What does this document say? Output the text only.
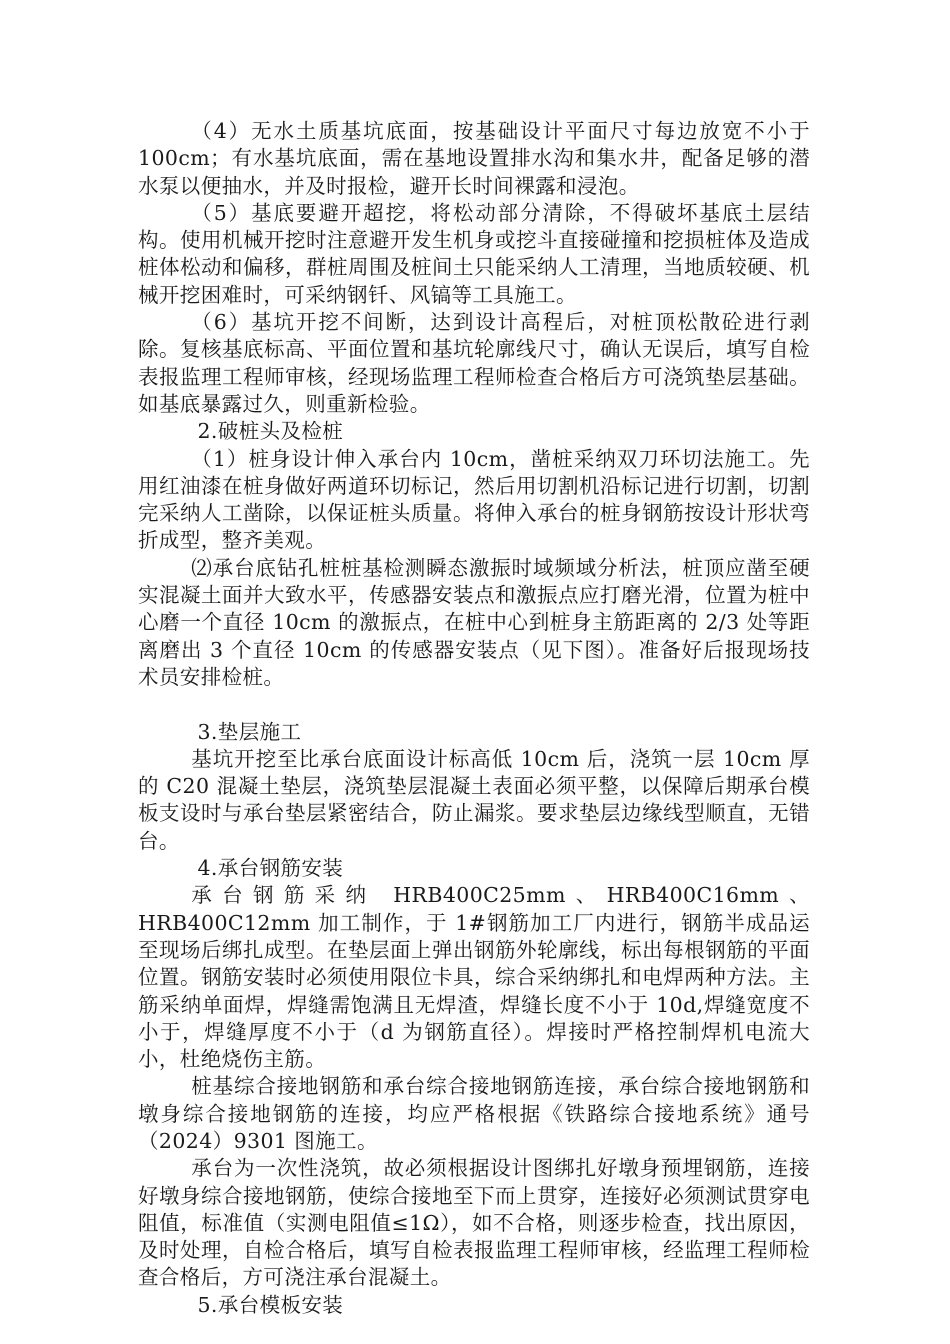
（4）无水土质基坑底面，按基础设计平面尺寸每边放宽不小于 100cm；有水基坑底面，需在基地设置排水沟和集水井，配备足够的潜水泵以便抽水，并及时报检，避开长时间裸露和浸泡。

（5）基底要避开超挖，将松动部分清除，不得破坏基底土层结构。使用机械开挖时注意避开发生机身或挖斗直接碰撞和挖损桩体及造成桩体松动和偏移，群桩周围及桩间土只能采纳人工清理，当地质较硬、机械开挖困难时，可采纳钢钎、风镐等工具施工。

（6）基坑开挖不间断，达到设计高程后，对桩顶松散砼进行剥除。复核基底标高、平面位置和基坑轮廓线尺寸，确认无误后，填写自检表报监理工程师审核，经现场监理工程师检查合格后方可浇筑垫层基础。如基底暴露过久，则重新检验。

2.破桩头及检桩

（1）桩身设计伸入承台内 10cm，凿桩采纳双刀环切法施工。先用红油漆在桩身做好两道环切标记，然后用切割机沿标记进行切割，切割完采纳人工凿除，以保证桩头质量。将伸入承台的桩身钢筋按设计形状弯折成型，整齐美观。

⑵承台底钻孔桩桩基检测瞬态激振时域频域分析法，桩顶应凿至硬实混凝土面并大致水平，传感器安装点和激振点应打磨光滑，位置为桩中心磨一个直径 10cm 的激振点，在桩中心到桩身主筋距离的 2/3 处等距离磨出 3 个直径 10cm 的传感器安装点（见下图）。准备好后报现场技术员安排检桩。

3.垫层施工

基坑开挖至比承台底面设计标高低 10cm 后，浇筑一层 10cm 厚的 C20 混凝土垫层，浇筑垫层混凝土表面必须平整，以保障后期承台模板支设时与承台垫层紧密结合，防止漏浆。要求垫层边缘线型顺直，无错台。

4.承台钢筋安装

承台钢筋采纳 HRB400C25mm、HRB400C16mm、HRB400C12mm 加工制作，于 1#钢筋加工厂内进行，钢筋半成品运至现场后绑扎成型。在垫层面上弹出钢筋外轮廓线，标出每根钢筋的平面位置。钢筋安装时必须使用限位卡具，综合采纳绑扎和电焊两种方法。主筋采纳单面焊，焊缝需饱满且无焊渣，焊缝长度不小于 10d,焊缝宽度不小于，焊缝厚度不小于（d 为钢筋直径）。焊接时严格控制焊机电流大小，杜绝烧伤主筋。

桩基综合接地钢筋和承台综合接地钢筋连接，承台综合接地钢筋和墩身综合接地钢筋的连接，均应严格根据《铁路综合接地系统》通号（2024）9301 图施工。

承台为一次性浇筑，故必须根据设计图绑扎好墩身预埋钢筋，连接好墩身综合接地钢筋，使综合接地至下而上贯穿，连接好必须测试贯穿电阻值，标准值（实测电阻值≤1Ω），如不合格，则逐步检查，找出原因，及时处理，自检合格后，填写自检表报监理工程师审核，经监理工程师检查合格后，方可浇注承台混凝土。

5.承台模板安装
